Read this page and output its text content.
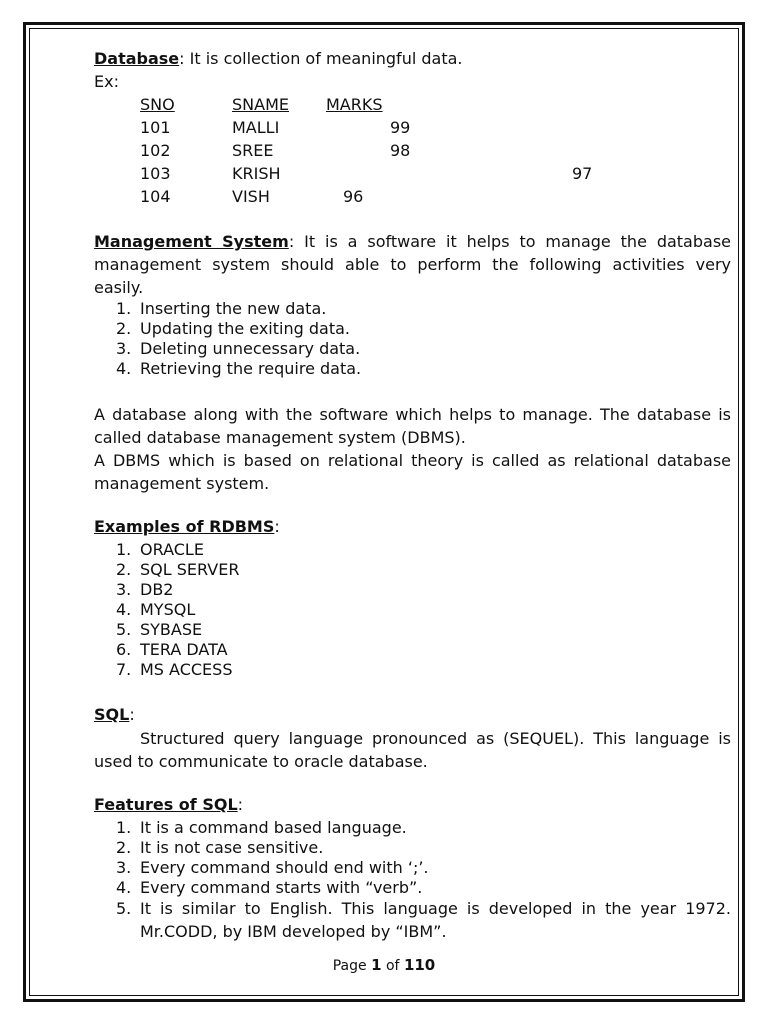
Database: It is collection of meaningful data.
Ex:
SNO	SNAME MARKS
101	MALLI	99
102	SREE	98
103	KRISH	97
104	VISH	96
Management System: It is a software it helps to manage the database management system should able to perform the following activities very easily.
1. Inserting the new data.
2. Updating the exiting data.
3. Deleting unnecessary data.
4. Retrieving the require data.
A database along with the software which helps to manage. The database is called database management system (DBMS).
A DBMS which is based on relational theory is called as relational database management system.
Examples of RDBMS:
1. ORACLE
2. SQL SERVER
3. DB2
4. MYSQL
5. SYBASE
6. TERA DATA
7. MS ACCESS
SQL:
Structured query language pronounced as (SEQUEL). This language is used to communicate to oracle database.
Features of SQL:
1. It is a command based language.
2. It is not case sensitive.
3. Every command should end with ‘;’.
4. Every command starts with “verb”.
5. It is similar to English. This language is developed in the year 1972. Mr.CODD, by IBM developed by “IBM”.
Page 1 of 110
